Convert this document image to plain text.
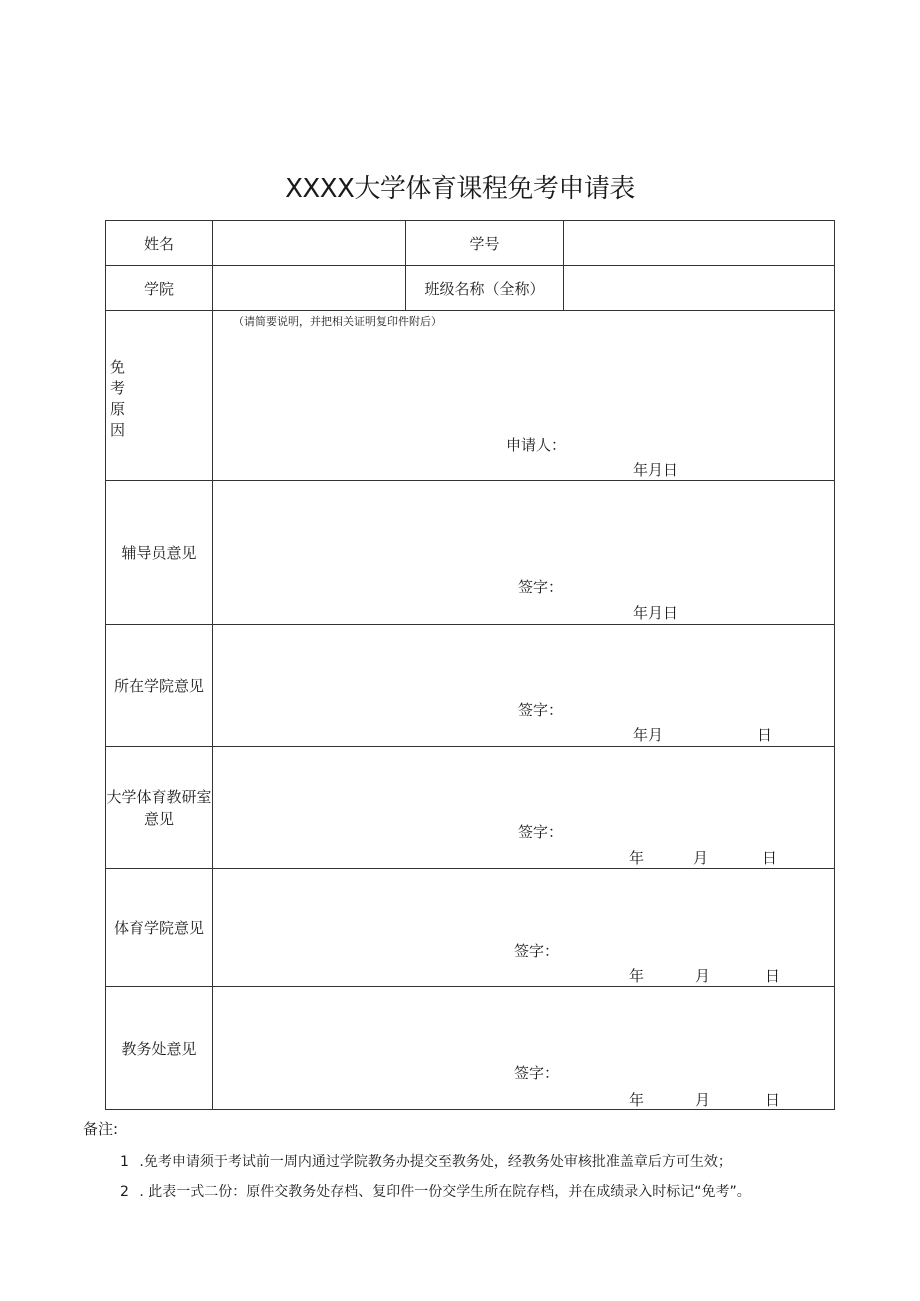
XXXX大学体育课程免考申请表
姓名		学号	
学院		班级名称（全称）	

免考原因	（请简要说明，并把相关证明复印件附后）
申请人：
年月日		

辅导员意见	签字：
年月日		

所在学院意见	签字：
年月 日		

大学体育教研室意见	签字：
年 月 日		

体育学院意见	签字：
年 月 日		

教务处意见	签字：
年 月 日		
备注:
1 .免考申请须于考试前一周内通过学院教务办提交至教务处，经教务处审核批准盖章后方可生效；
2 . 此表一式二份：原件交教务处存档、复印件一份交学生所在院存档，并在成绩录入时标记“免考”。
